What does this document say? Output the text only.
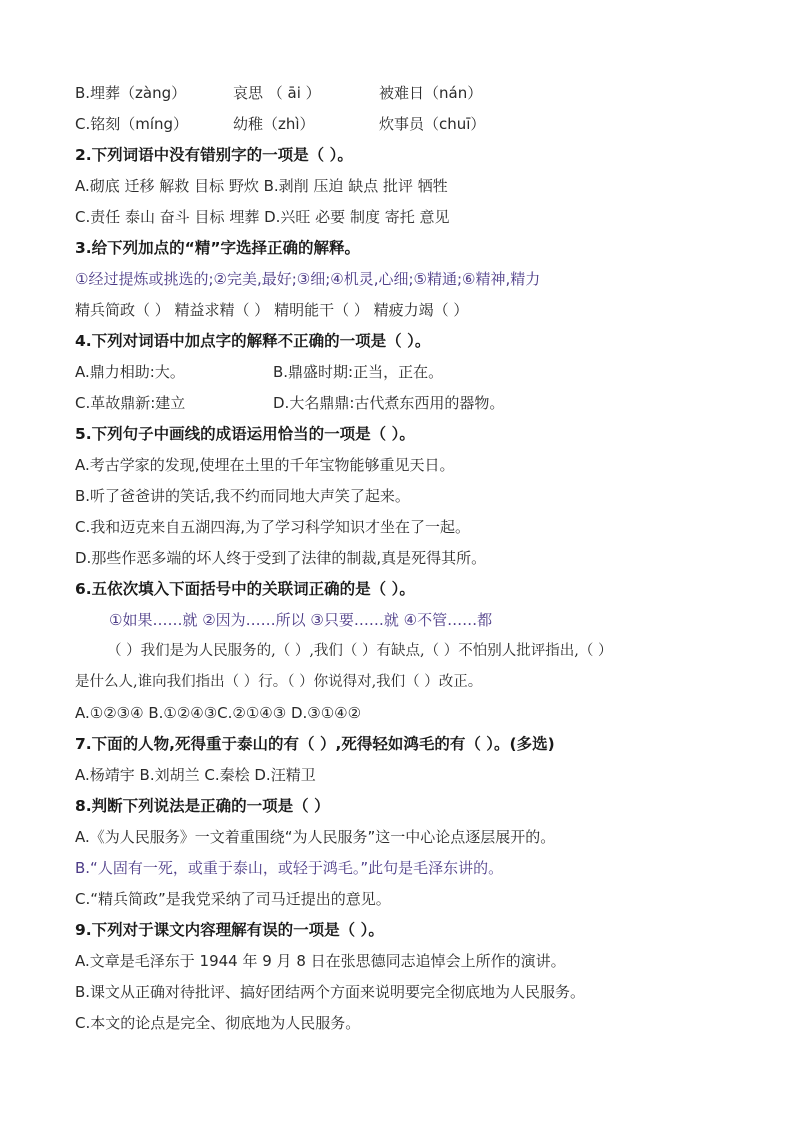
B.埋葬（zàng）	哀思 （ āi ）	被难日（nán）
C.铭刻（míng）	幼稚（zhì）	炊事员（chuī）
2.下列词语中没有错别字的一项是（ ）。
A.砌底 迁移 解救 目标 野炊 B.剥削 压迫 缺点 批评 牺牲
C.责任 泰山 奋斗 目标 埋葬 D.兴旺 必要 制度 寄托 意见
3.给下列加点的“精”字选择正确的解释。
①经过提炼或挑选的;②完美,最好;③细;④机灵,心细;⑤精通;⑥精神,精力
精兵简政（ ） 精益求精（ ） 精明能干（ ） 精疲力竭（ ）
4.下列对词语中加点字的解释不正确的一项是（ ）。
A.鼎力相助:大。	B.鼎盛时期:正当，正在。
C.革故鼎新:建立	D.大名鼎鼎:古代煮东西用的器物。
5.下列句子中画线的成语运用恰当的一项是（ ）。
A.考古学家的发现,使埋在土里的千年宝物能够重见天日。
B.听了爸爸讲的笑话,我不约而同地大声笑了起来。
C.我和迈克来自五湖四海,为了学习科学知识才坐在了一起。
D.那些作恶多端的坏人终于受到了法律的制裁,真是死得其所。
6.五依次填入下面括号中的关联词正确的是（ ）。
①如果……就 ②因为……所以 ③只要……就 ④不管……都
（ ）我们是为人民服务的,（ ）,我们（ ）有缺点,（ ）不怕别人批评指出,（ ）
是什么人,谁向我们指出（ ）行。（ ）你说得对,我们（ ）改正。
A.①②③④ B.①②④③C.②①④③ D.③①④②
7.下面的人物,死得重于泰山的有（ ）,死得轻如鸿毛的有（ ）。(多选)
A.杨靖宇 B.刘胡兰 C.秦桧 D.汪精卫
8.判断下列说法是正确的一项是（ ）
A.《为人民服务》一文着重围绕“为人民服务”这一中心论点逐层展开的。
B.“人固有一死，或重于泰山，或轻于鸿毛。”此句是毛泽东讲的。
C.“精兵简政”是我党采纳了司马迁提出的意见。
9.下列对于课文内容理解有误的一项是（ ）。
A.文章是毛泽东于 1944 年 9 月 8 日在张思德同志追悼会上所作的演讲。
B.课文从正确对待批评、搞好团结两个方面来说明要完全彻底地为人民服务。
C.本文的论点是完全、彻底地为人民服务。
